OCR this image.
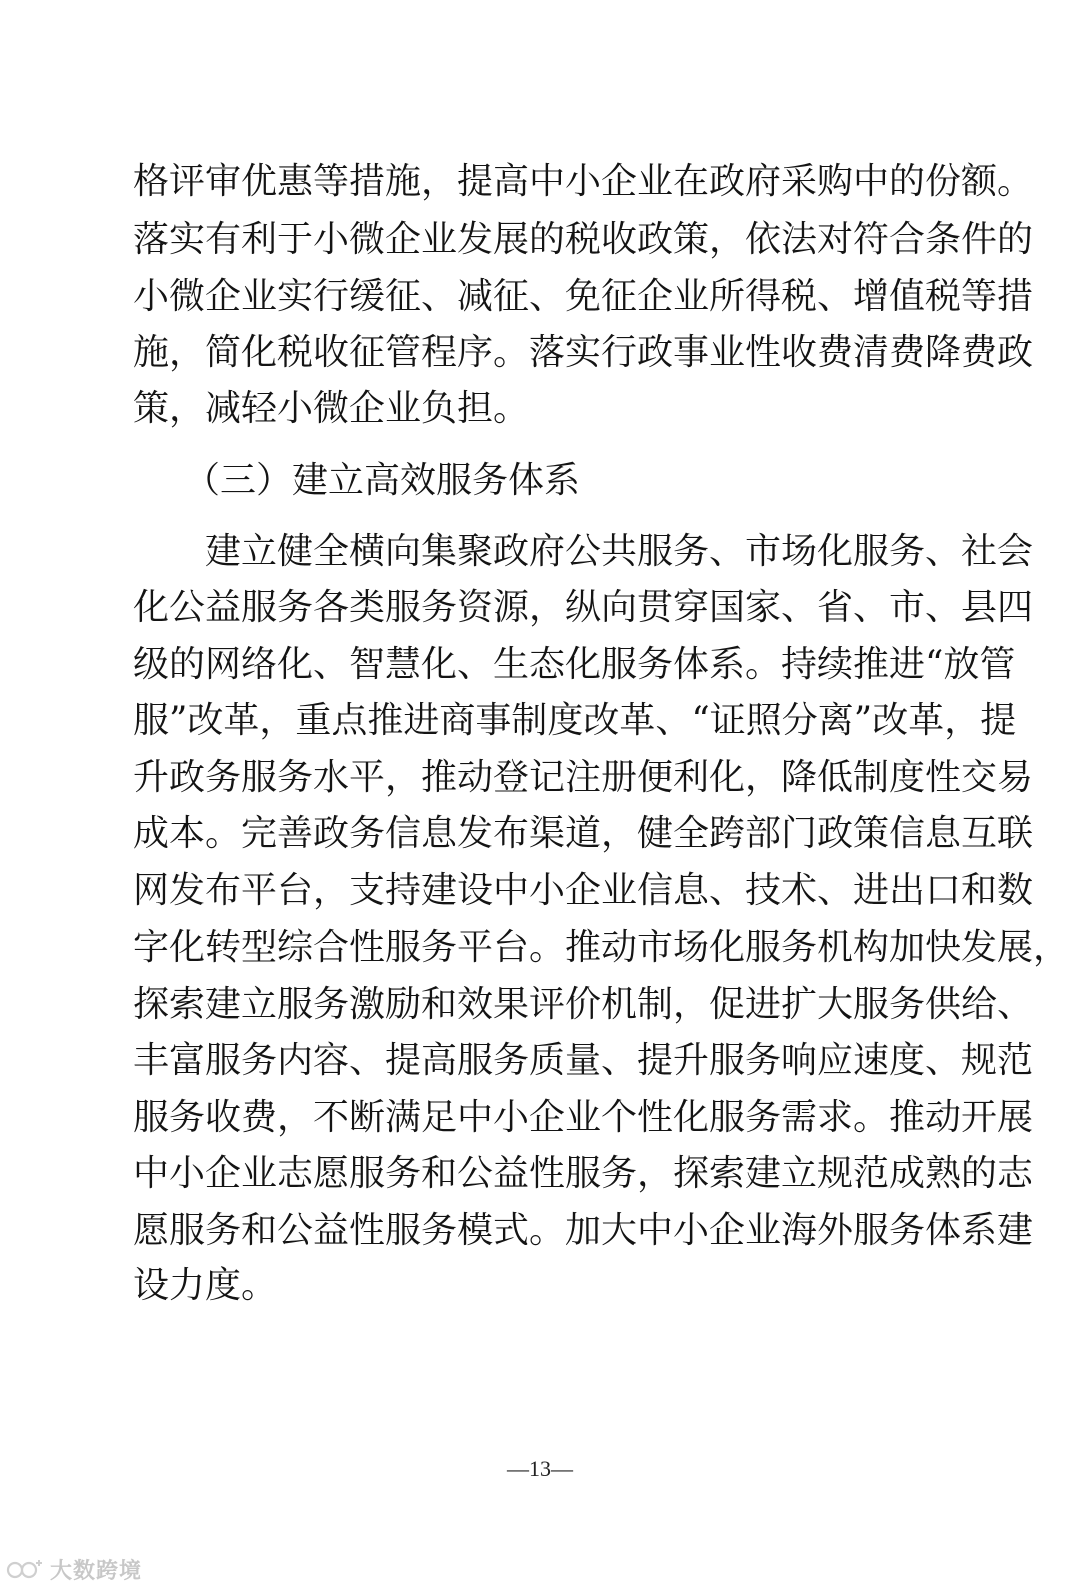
格评审优惠等措施，提高中小企业在政府采购中的份额。
落实有利于小微企业发展的税收政策，依法对符合条件的
小微企业实行缓征、减征、免征企业所得税、增值税等措
施，简化税收征管程序。落实行政事业性收费清费降费政
策，减轻小微企业负担。
（三）建立高效服务体系
建立健全横向集聚政府公共服务、市场化服务、社会
化公益服务各类服务资源，纵向贯穿国家、省、市、县四
级的网络化、智慧化、生态化服务体系。持续推进“放管
服”改革，重点推进商事制度改革、“证照分离”改革，提
升政务服务水平，推动登记注册便利化，降低制度性交易
成本。完善政务信息发布渠道，健全跨部门政策信息互联
网发布平台，支持建设中小企业信息、技术、进出口和数
字化转型综合性服务平台。推动市场化服务机构加快发展，
探索建立服务激励和效果评价机制，促进扩大服务供给、
丰富服务内容、提高服务质量、提升服务响应速度、规范
服务收费，不断满足中小企业个性化服务需求。推动开展
中小企业志愿服务和公益性服务，探索建立规范成熟的志
愿服务和公益性服务模式。加大中小企业海外服务体系建
设力度。
—13—
大数跨境
